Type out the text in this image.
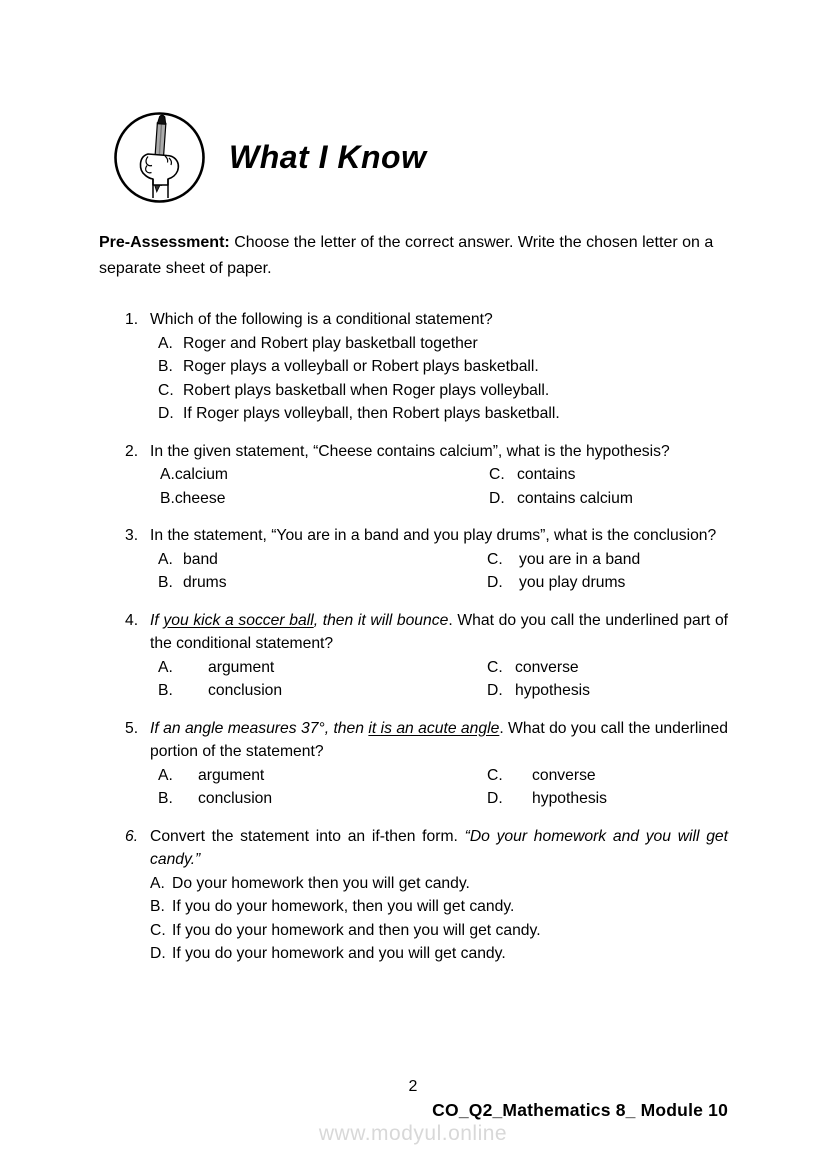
What I Know

Pre-Assessment: Choose the letter of the correct answer. Write the chosen letter on a separate sheet of paper.

1. Which of the following is a conditional statement?
A. Roger and Robert play basketball together
B. Roger plays a volleyball or Robert plays basketball.
C. Robert plays basketball when Roger plays volleyball.
D. If Roger plays volleyball, then Robert plays basketball.
2. In the given statement, “Cheese contains calcium”, what is the hypothesis?
A.calcium	C. contains
B.cheese	D. contains calcium
3. In the statement, “You are in a band and you play drums”, what is the conclusion?
A. band	C. you are in a band
B. drums	D. you play drums
4. If you kick a soccer ball, then it will bounce. What do you call the underlined part of the conditional statement?
A. argument	C. converse
B. conclusion	D. hypothesis
5. If an angle measures 37°, then it is an acute angle. What do you call the underlined portion of the statement?
A. argument	C. converse
B. conclusion	D. hypothesis
6. Convert the statement into an if-then form. “Do your homework and you will get candy.”
A. Do your homework then you will get candy.
B. If you do your homework, then you will get candy.
C. If you do your homework and then you will get candy.
D. If you do your homework and you will get candy.
2
CO_Q2_Mathematics 8_ Module 10
www.modyul.online
